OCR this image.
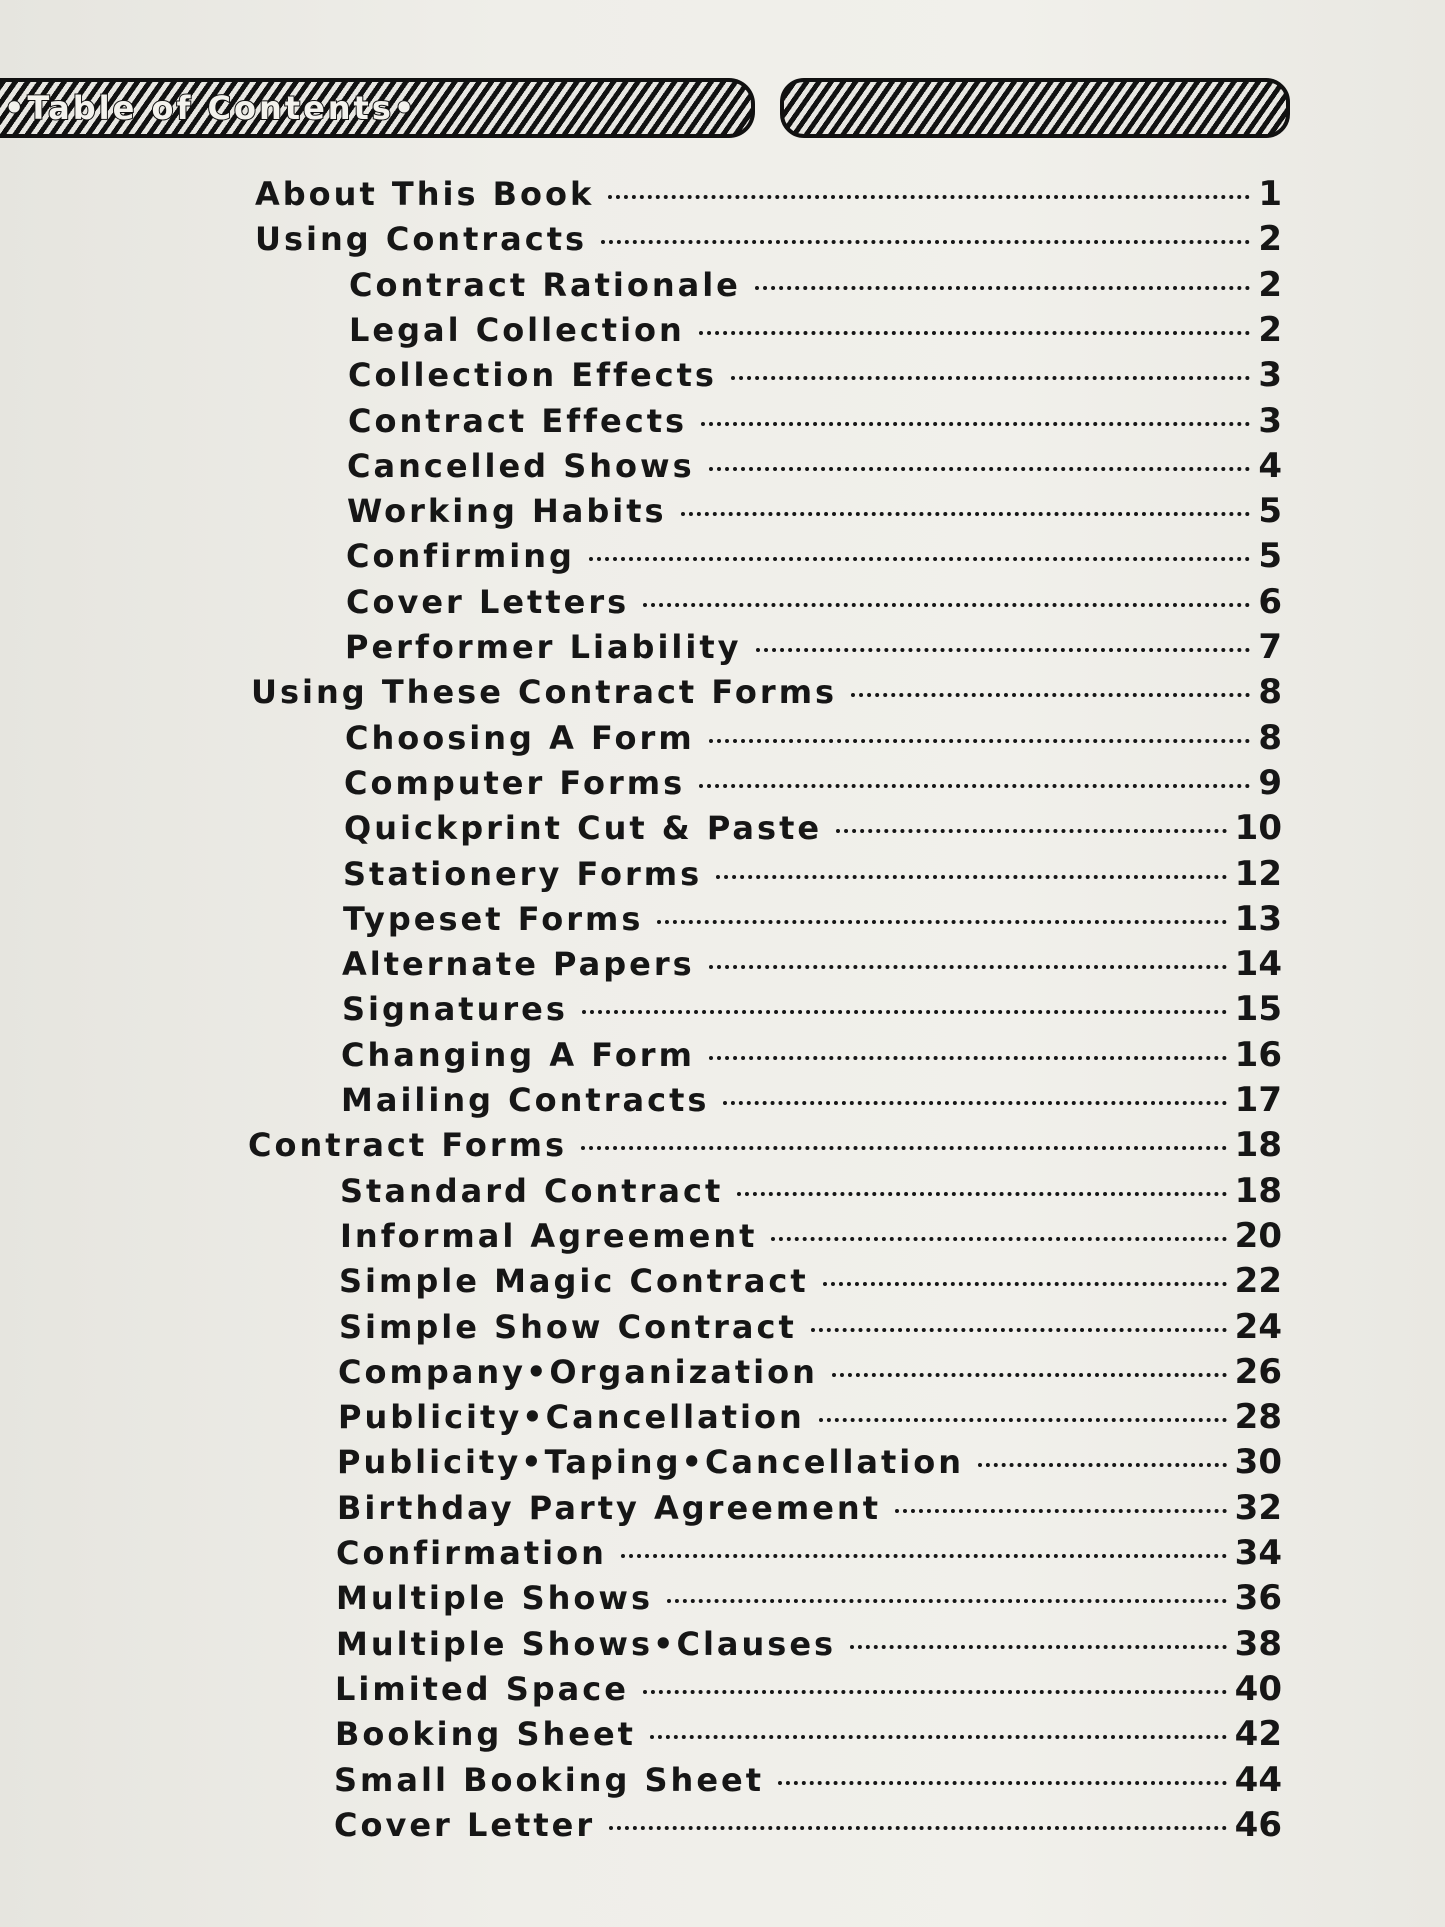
•Table of Contents•
About This Book	1
Using Contracts	2
Contract Rationale	2
Legal Collection	2
Collection Effects	3
Contract Effects	3
Cancelled Shows	4
Working Habits	5
Confirming	5
Cover Letters	6
Performer Liability	7
Using These Contract Forms	8
Choosing A Form	8
Computer Forms	9
Quickprint Cut & Paste	10
Stationery Forms	12
Typeset Forms	13
Alternate Papers	14
Signatures	15
Changing A Form	16
Mailing Contracts	17
Contract Forms	18
Standard Contract	18
Informal Agreement	20
Simple Magic Contract	22
Simple Show Contract	24
Company•Organization	26
Publicity•Cancellation	28
Publicity•Taping•Cancellation	30
Birthday Party Agreement	32
Confirmation	34
Multiple Shows	36
Multiple Shows•Clauses	38
Limited Space	40
Booking Sheet	42
Small Booking Sheet	44
Cover Letter	46
